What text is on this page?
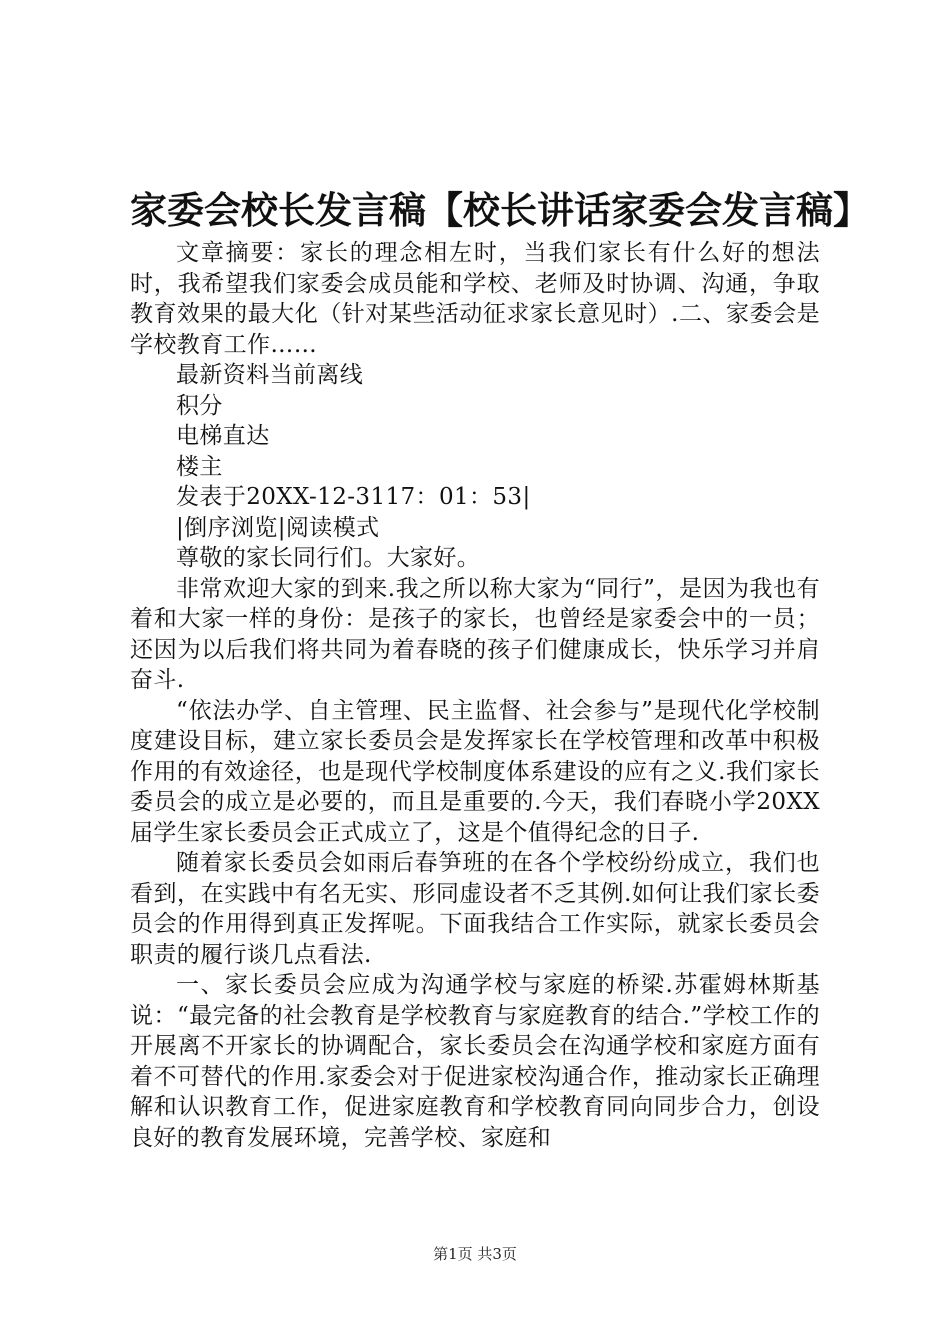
家委会校长发言稿【校长讲话家委会发言稿】

文章摘要：家长的理念相左时，当我们家长有什么好的想法时，我希望我们家委会成员能和学校、老师及时协调、沟通，争取教育效果的最大化（针对某些活动征求家长意见时）.二、家委会是学校教育工作……

最新资料当前离线

积分

电梯直达

楼主

发表于20XX-12-3117：01：53|

|倒序浏览|阅读模式

尊敬的家长同行们。大家好。

非常欢迎大家的到来.我之所以称大家为“同行”，是因为我也有着和大家一样的身份：是孩子的家长，也曾经是家委会中的一员；还因为以后我们将共同为着春晓的孩子们健康成长，快乐学习并肩奋斗.

“依法办学、自主管理、民主监督、社会参与”是现代化学校制度建设目标，建立家长委员会是发挥家长在学校管理和改革中积极作用的有效途径，也是现代学校制度体系建设的应有之义.我们家长委员会的成立是必要的，而且是重要的.今天，我们春晓小学20XX届学生家长委员会正式成立了，这是个值得纪念的日子.

随着家长委员会如雨后春笋班的在各个学校纷纷成立，我们也看到，在实践中有名无实、形同虚设者不乏其例.如何让我们家长委员会的作用得到真正发挥呢。下面我结合工作实际，就家长委员会职责的履行谈几点看法.

一、家长委员会应成为沟通学校与家庭的桥梁.苏霍姆林斯基说：“最完备的社会教育是学校教育与家庭教育的结合.”学校工作的开展离不开家长的协调配合，家长委员会在沟通学校和家庭方面有着不可替代的作用.家委会对于促进家校沟通合作，推动家长正确理解和认识教育工作，促进家庭教育和学校教育同向同步合力，创设良好的教育发展环境，完善学校、家庭和

第1页 共3页
